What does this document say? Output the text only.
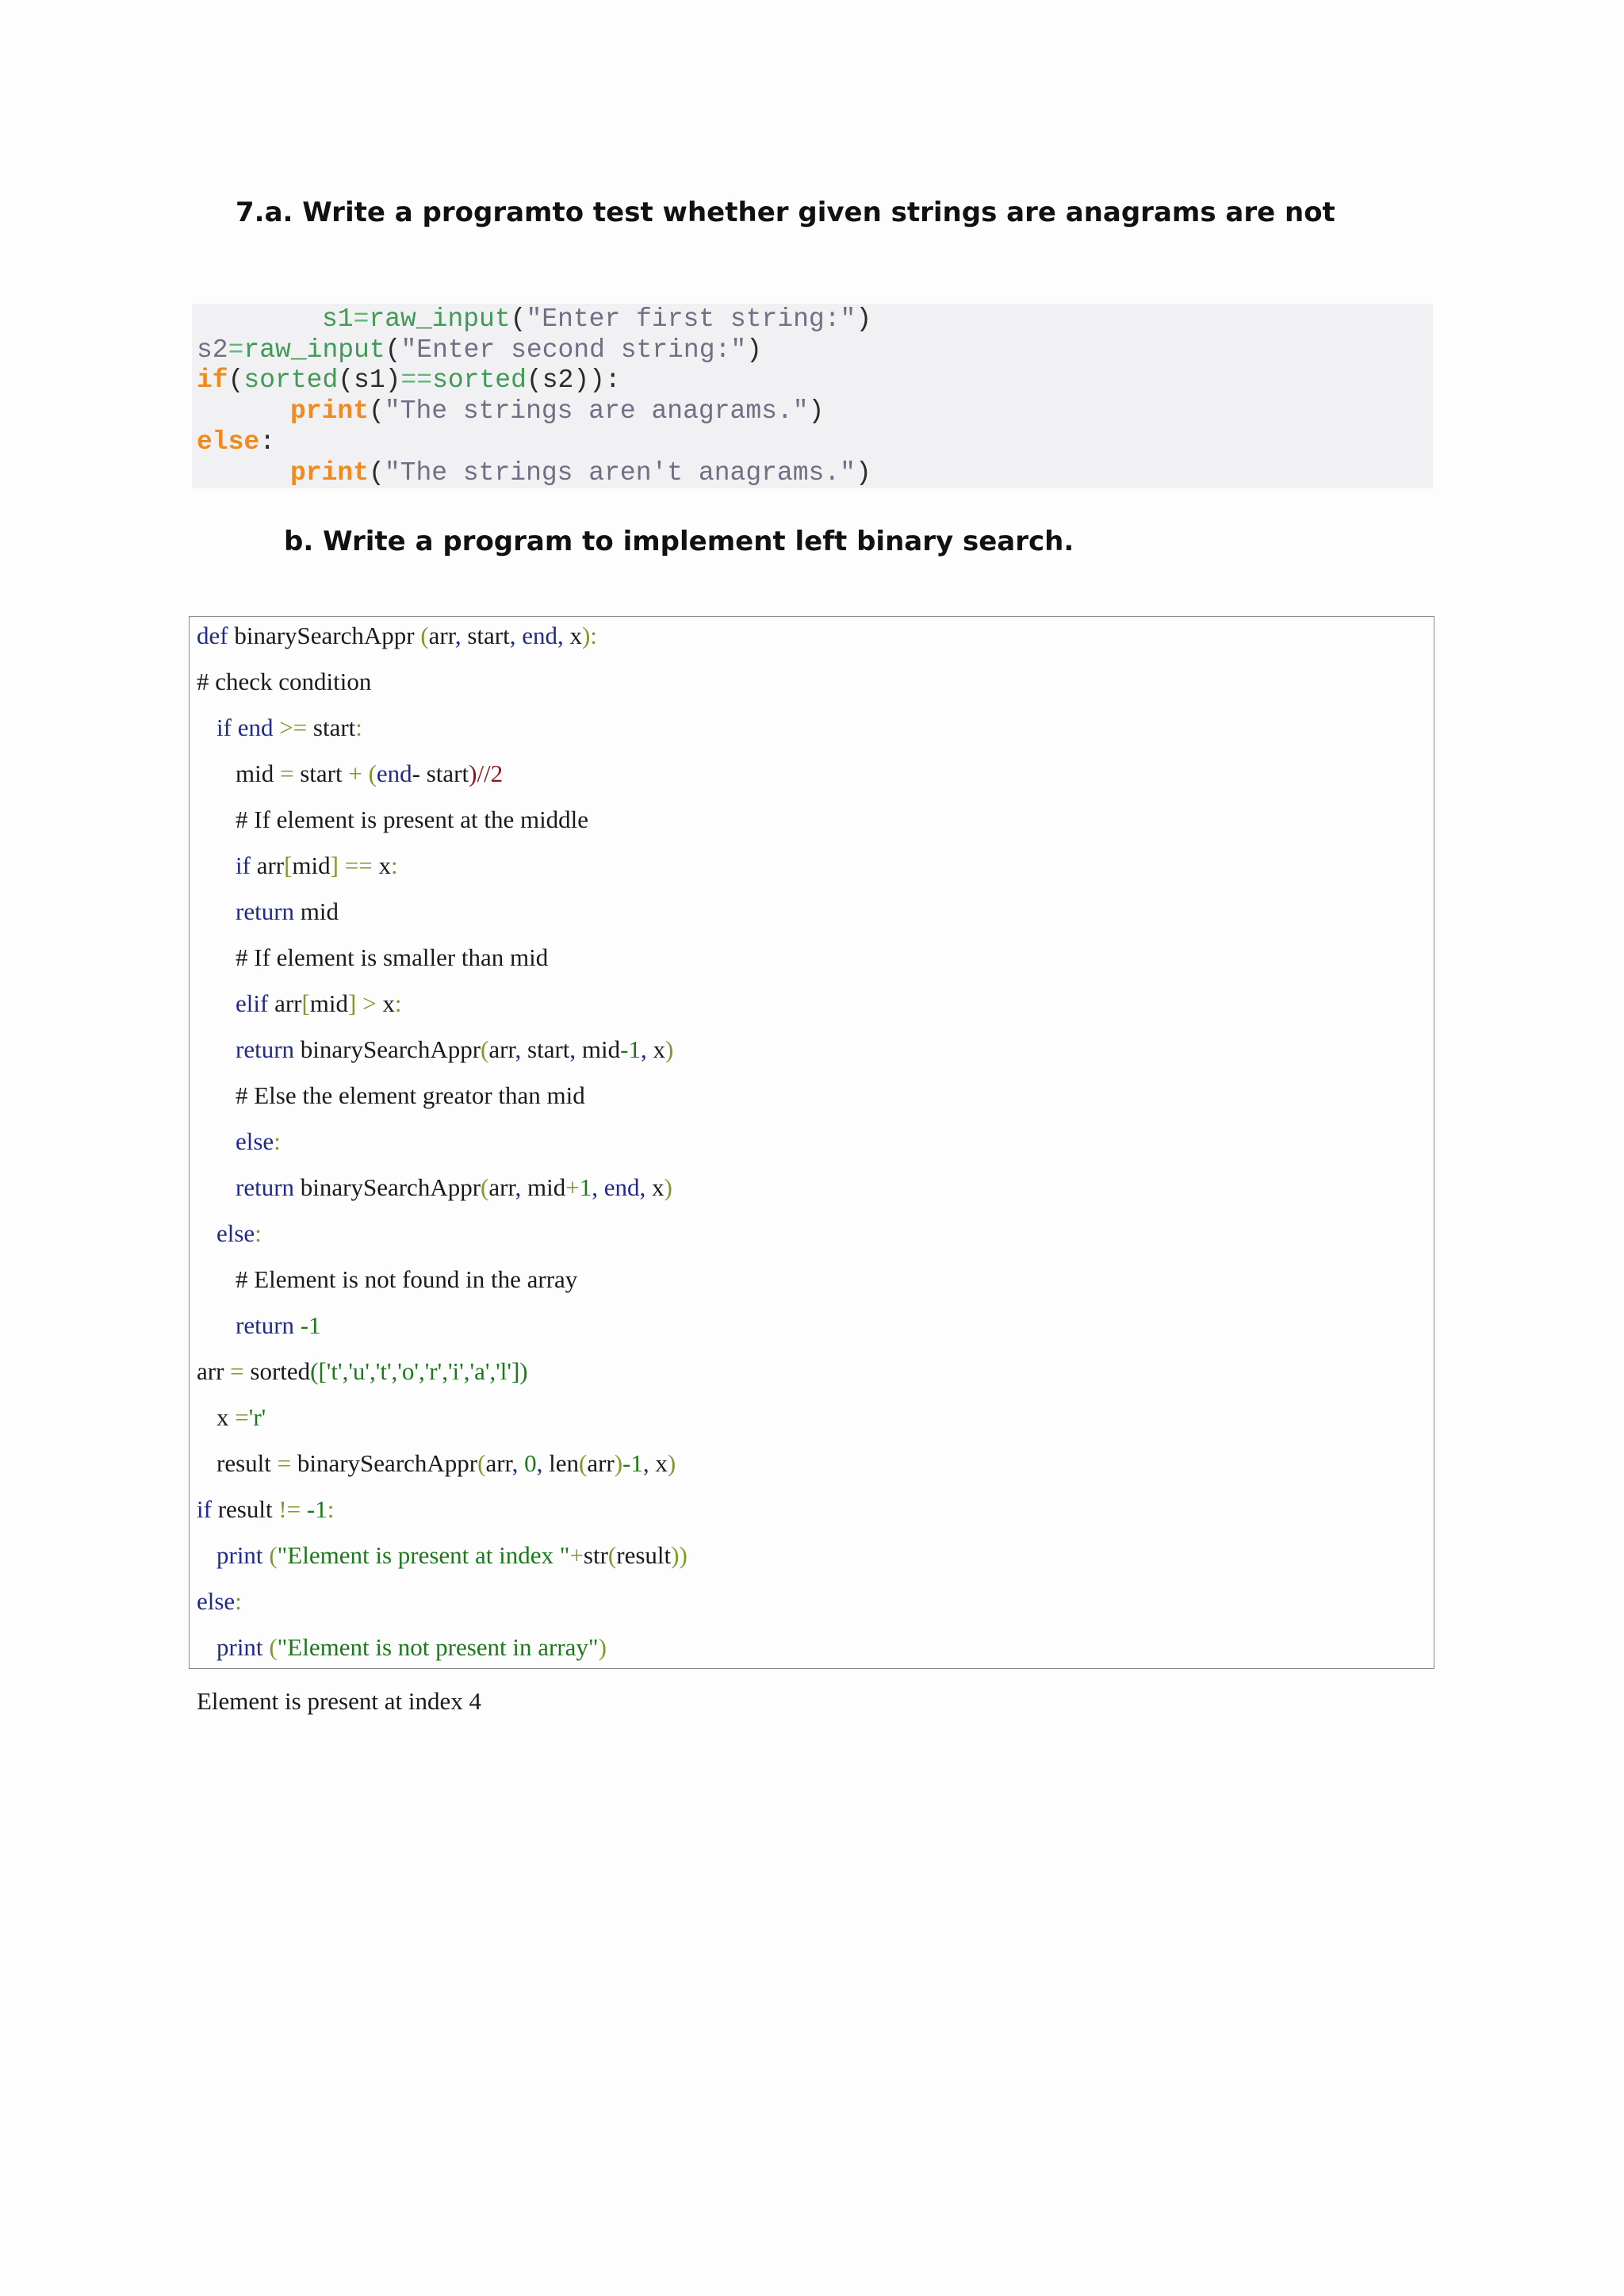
7.a. Write a programto test whether given strings are anagrams are not
s1=raw_input("Enter first string:")
s2=raw_input("Enter second string:")
if(sorted(s1)==sorted(s2)):
print("The strings are anagrams.")
else:
print("The strings aren't anagrams.")
b. Write a program to implement left binary search.
def binarySearchAppr (arr, start, end, x):
# check condition
if end >= start:
mid = start + (end- start)//2
# If element is present at the middle
if arr[mid] == x:
return mid
# If element is smaller than mid
elif arr[mid] > x:
return binarySearchAppr(arr, start, mid-1, x)
# Else the element greator than mid
else:
return binarySearchAppr(arr, mid+1, end, x)
else:
# Element is not found in the array
return -1
arr = sorted(['t','u','t','o','r','i','a','l'])
x ='r'
result = binarySearchAppr(arr, 0, len(arr)-1, x)
if result != -1:
print ("Element is present at index "+str(result))
else:
print ("Element is not present in array")
Element is present at index 4
